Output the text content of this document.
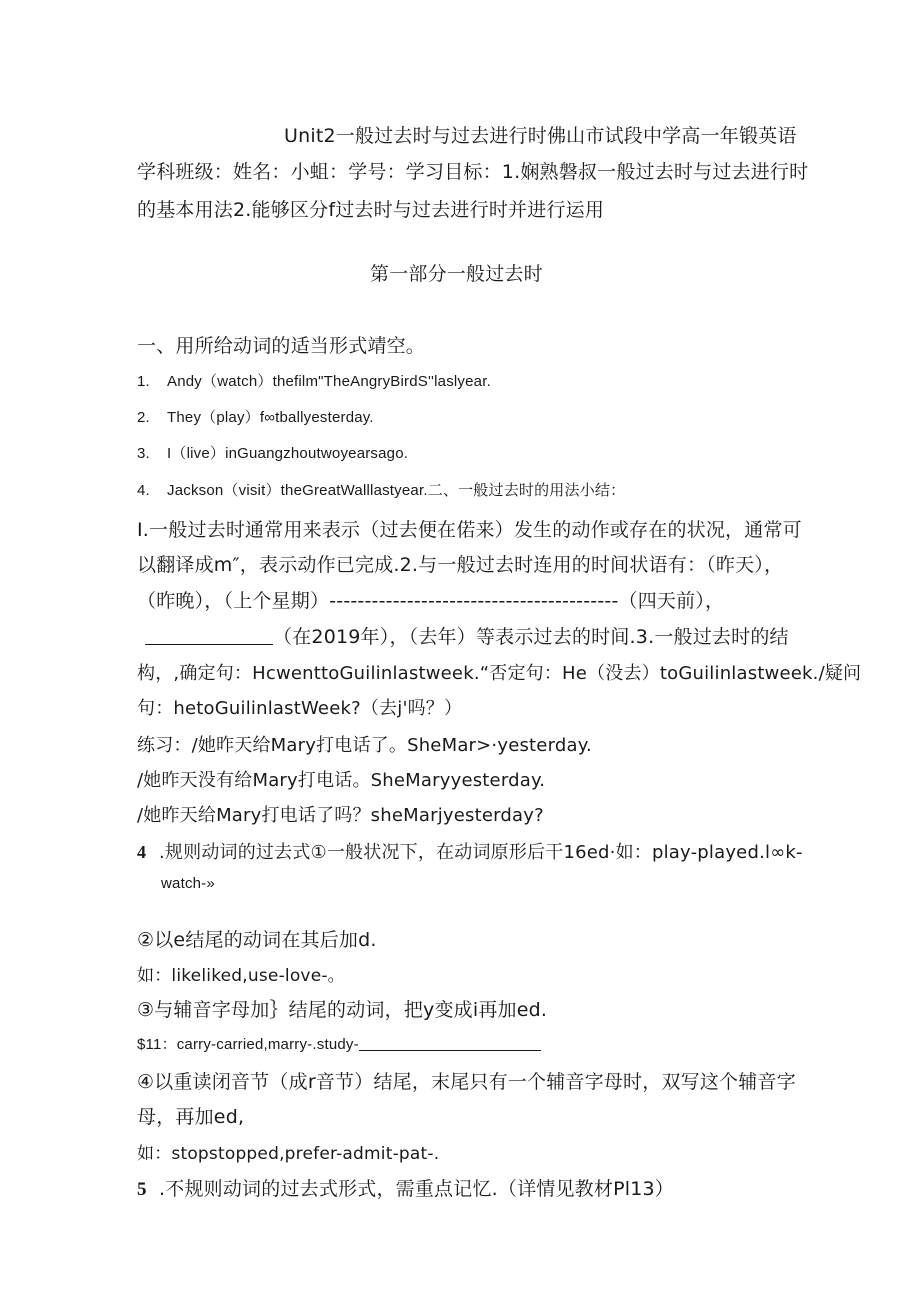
Unit2一般过去时与过去进行时佛山市试段中学高一年锻英语
学科班级：姓名：小蛆：学号：学习目标：1.娴熟磐叔一般过去时与过去进行时
的基本用法2.能够区分f过去时与过去进行时并进行运用
第一部分一般过去时
一、用所给动词的适当形式靖空。
1. Andy（watch）thefilm"TheAngryBirdS''laslyear.
2. They（play）f∞tballyesterday.
3. I（live）inGuangzhoutwoyearsago.
4. Jackson（visit）theGreatWalllastyear.二、一般过去时的用法小结：
I.一般过去时通常用来表示（过去便在偌来）发生的动作或存在的状况，通常可
以翻译成m″，表示动作已完成.2.与一般过去时连用的时间状语有：（昨天），
（昨晚），（上个星期）-----------------------------------------（四天前），
（在2019年），（去年）等表示过去的时间.3.一般过去时的结
构，,确定句：HcwenttoGuilinlastweek.“否定句：He（没去）toGuilinlastweek./疑问
句：hetoGuilinlastWeek?（去j'吗？）
练习：/她昨天给Mary打电话了。SheMar>·yesterday.
/她昨天没有给Mary打电话。SheMaryyesterday.
/她昨天给Mary打电话了吗？sheMarjyesterday?
4 .规则动词的过去式①一般状况下，在动词原形后干16ed·如：play-played.l∞k-
watch-»
②以e结尾的动词在其后加d.
如：likeliked,use-love-。
③与辅音字母加｝结尾的动词，把y变成i再加ed.
$11：carry-carried,marry-.study-
④以重读闭音节（成r音节）结尾，末尾只有一个辅音字母时，双写这个辅音字
母，再加ed,
如：stopstopped,prefer-admit-pat-.
5 .不规则动词的过去式形式，需重点记忆.（详情见教材Pl13）
